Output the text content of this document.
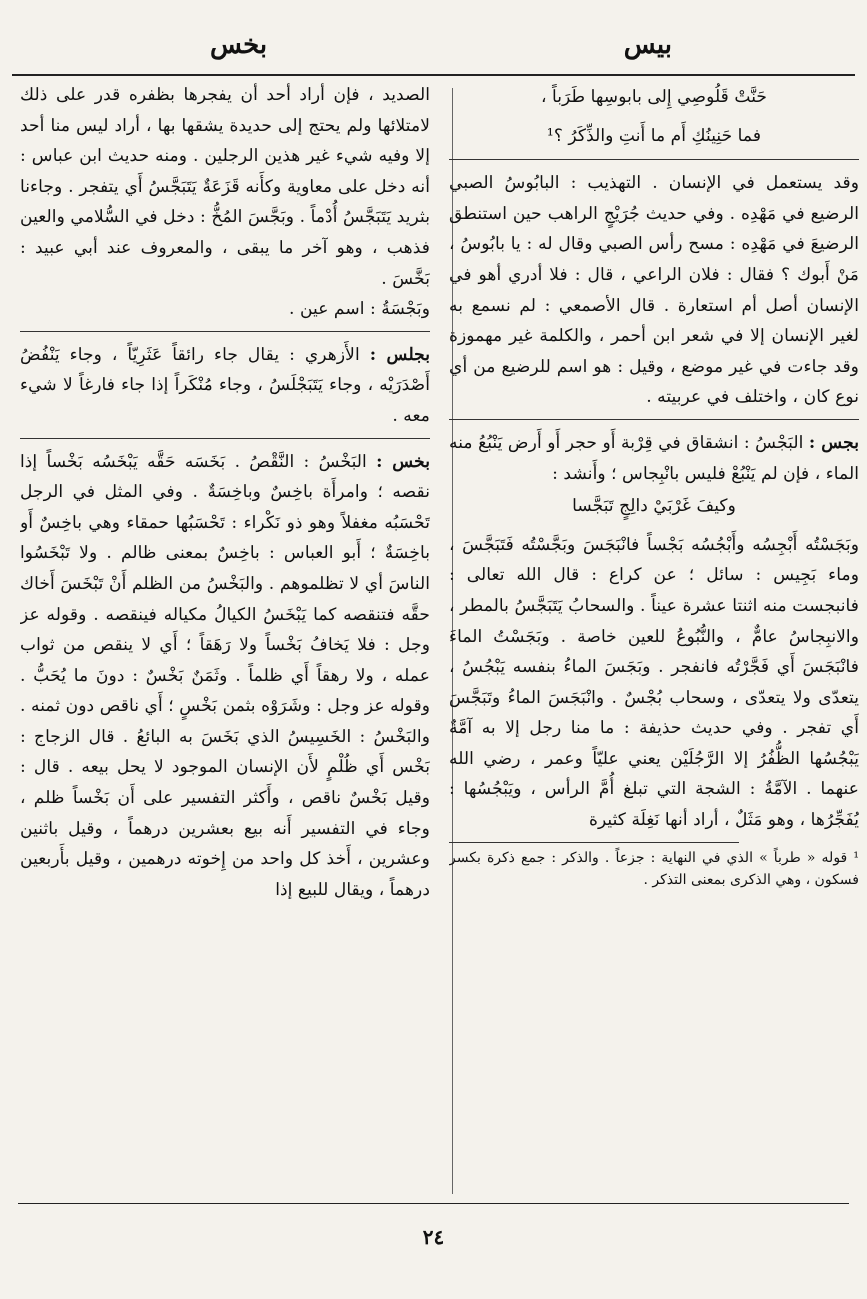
بيس
بخس

حَنَّتْ قَلُوصِي إِلى بابوسِها طَرَباً ،

فما حَنِينُكِ أَم ما أَنتِ والذِّكَرُ ؟¹

وقد يستعمل في الإنسان . التهذيب : البابُوسُ الصبي الرضيع في مَهْدِه . وفي حديث جُرَيْجٍ الراهب حين استنطق الرضيعَ في مَهْدِه : مسح رأس الصبي وقال له : يا بابُوسُ ، مَنْ أَبوك ؟ فقال : فلان الراعي ، قال : فلا أدري أهو في الإنسان أصل أم استعارة . قال الأصمعي : لم نسمع به لغير الإنسان إلا في شعر ابن أحمر ، والكلمة غير مهموزة وقد جاءت في غير موضع ، وقيل : هو اسم للرضيع من أي نوع كان ، واختلف في عربيته .

بجس : البَجْسُ : انشقاق في قِرْبة أَو حجر أَو أَرض يَنْبُعُ منه الماء ، فإن لم يَنْبُعْ فليس بانْبِجاس ؛ وأَنشد :

وكيفَ غَرْبَيْ دالِجٍ تَبَجَّسا

وبَجَسْتُه أَبْجِسُه وأَبْجُسُه بَجْساً فانْبَجَسَ وبَجَّسْتُه فَتَبَجَّسَ ، وماء بَجِيس : سائل ؛ عن كراع : قال الله تعالى : فانبجست منه اثنتا عشرة عيناً . والسحابُ يَتَبَجَّسُ بالمطر ، والانبِجاسُ عامٌّ ، والنُّبُوعُ للعين خاصة . وبَجَسْتُ الماءَ فانْبَجَسَ أَي فَجَّرْتُه فانفجر . وبَجَسَ الماءُ بنفسه يَبْجُسُ ، يتعدّى ولا يتعدّى ، وسحاب بُجْسٌ . وانْبَجَسَ الماءُ وتَبَجَّسَ أَي تفجر . وفي حديث حذيفة : ما منا رجل إلا به آمَّةٌ يَبْجُسُها الظُّفُرُ إلا الرَّجُلَيْن يعني عليّاً وعمر ، رضي الله عنهما . الآمَّةُ : الشجة التي تبلغ أُمَّ الرأس ، ويَبْجُسُها : يُفَجِّرُها ، وهو مَثَلٌ ، أراد أنها نَغِلَة كثيرة

¹ قوله « طرباً » الذي في النهاية : جزعاً . والذكر : جمع ذكرة بكسر فسكون ، وهي الذكرى بمعنى التذكر .

الصديد ، فإن أراد أحد أن يفجرها بظفره قدر على ذلك لامتلائها ولم يحتج إلى حديدة يشقها بها ، أراد ليس منا أحد إلا وفيه شيء غير هذين الرجلين . ومنه حديث ابن عباس : أنه دخل على معاوية وكأَنه قَزَعَةٌ يَتَبَجَّسُ أَي يتفجر . وجاءنا بثريد يَتَبَجَّسُ أُدْماً . وبَجَّسَ المُخُّ : دخل في السُّلامي والعين فذهب ، وهو آخر ما يبقى ، والمعروف عند أبي عبيد : بَخَّسَ .

وبَجْسَةُ : اسم عين .

بجلس : الأَزهري : يقال جاء رائقاً عَثَرِيّاً ، وجاء يَنْفُضُ أَصْدَرَيْه ، وجاء يَتَبَجْلَسُ ، وجاء مُنْكَراً إذا جاء فارغاً لا شيء معه .

بخس : البَخْسُ : النَّقْصُ . بَخَسَه حَقَّه يَبْخَسُه بَخْساً إذا نقصه ؛ وامرأَة باخِسٌ وباخِسَةٌ . وفي المثل في الرجل تَحْسَبُه مغفلاً وهو ذو نَكْراء : تَحْسَبُها حمقاء وهي باخِسٌ أَو باخِسَةٌ ؛ أَبو العباس : باخِسٌ بمعنى ظالم . ولا تَبْخَسُوا الناسَ أي لا تظلموهم . والبَخْسُ من الظلم أَنْ تَبْخَسَ أَخاك حقَّه فتنقصه كما يَبْخَسُ الكيالُ مكياله فينقصه . وقوله عز وجل : فلا يَخافُ بَخْساً ولا رَهَقاً ؛ أَي لا ينقص من ثواب عمله ، ولا رهقاً أَي ظلماً . وثَمَنٌ بَخْسٌ : دونَ ما يُحَبُّ . وقوله عز وجل : وشَرَوْه بثمن بَخْسٍ ؛ أَي ناقص دون ثمنه . والبَخْسُ : الخَسِيسُ الذي بَخَسَ به البائعُ . قال الزجاج : بَخْس أَي ظُلْمٍ لأَن الإنسان الموجود لا يحل بيعه . قال : وقيل بَخْسٌ ناقص ، وأَكثر التفسير على أَن بَخْساً ظلم ، وجاء في التفسير أَنه بيع بعشرين درهماً ، وقيل باثنين وعشرين ، أَخذ كل واحد من إِخوته درهمين ، وقيل بأَربعين درهماً ، ويقال للبيع إذا

٢٤
